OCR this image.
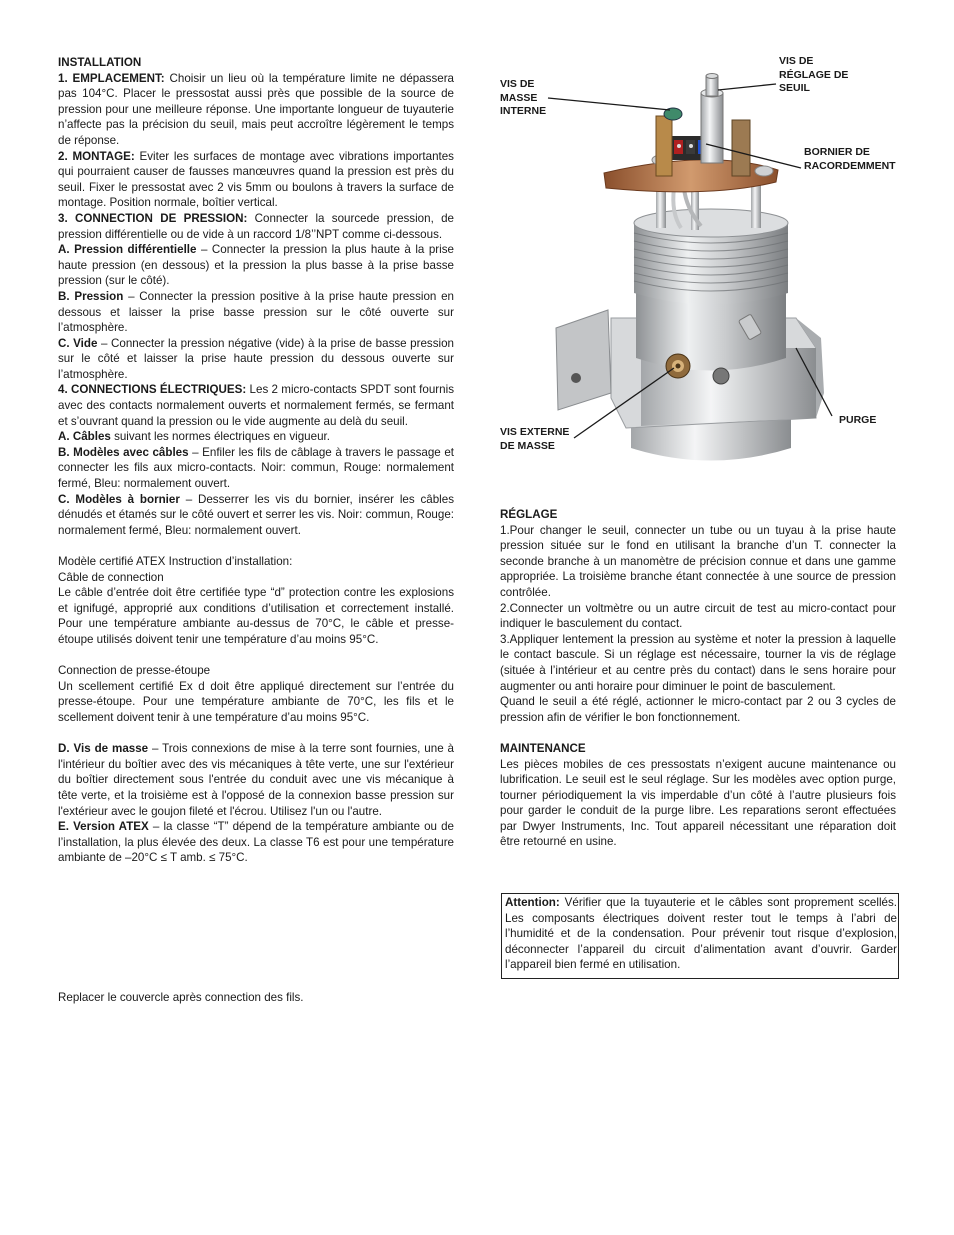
INSTALLATION

1. EMPLACEMENT: Choisir un lieu où la température limite ne dépassera pas 104°C. Placer le pressostat aussi près que possible de la source de pression pour une meilleure réponse. Une importante longueur de tuyauterie n’affecte pas la précision du seuil, mais peut accroître légèrement le temps de réponse.

2. MONTAGE: Eviter les surfaces de montage avec vibrations importantes qui pourraient causer de fausses manœuvres quand la pression est près du seuil. Fixer le pressostat avec 2 vis 5mm ou boulons à travers la surface de montage. Position normale, boîtier vertical.

3. CONNECTION DE PRESSION: Connecter la sourcede pression, de pression différentielle ou de vide à un raccord 1/8’’NPT comme ci-dessous.

A. Pression différentielle – Connecter la pression la plus haute à la prise haute pression (en dessous) et la pression la plus basse à la prise basse pression (sur le côté).

B. Pression – Connecter la pression positive à la prise haute pression en dessous et laisser la prise basse pression sur le côté ouverte sur l’atmosphère.

C. Vide – Connecter la pression négative (vide) à la prise de basse pression sur le côté et laisser la prise haute pression du dessous ouverte sur l’atmosphère.

4. CONNECTIONS ÉLECTRIQUES: Les 2 micro-contacts SPDT sont fournis avec des contacts normalement ouverts et normalement fermés, se fermant et s’ouvrant quand la pression ou le vide augmente au delà du seuil.

A. Câbles suivant les normes électriques en vigueur.

B. Modèles avec câbles – Enfiler les fils de câblage à travers le passage et connecter les fils aux micro-contacts. Noir: commun, Rouge: normalement fermé, Bleu: normalement ouvert.

C. Modèles à bornier – Desserrer les vis du bornier, insérer les câbles dénudés et étamés sur le côté ouvert et serrer les vis. Noir: commun, Rouge: normalement fermé, Bleu: normalement ouvert.

Modèle certifié ATEX Instruction d’installation:

Câble de connection

Le câble d’entrée doit être certifiée type “d” protection contre les explosions et ignifugé, approprié aux conditions d’utilisation et correctement installé. Pour une température ambiante au-dessus de 70°C, le câble et presse-étoupe utilisés doivent tenir une température d’au moins 95°C.

Connection de presse-étoupe

Un scellement certifié Ex d doit être appliqué directement sur l’entrée du presse-étoupe. Pour une température ambiante de 70°C, les fils et le scellement doivent tenir à une température d’au moins 95°C.

D. Vis de masse – Trois connexions de mise à la terre sont fournies, une à l'intérieur du boîtier avec des vis mécaniques à tête verte, une sur l'extérieur du boîtier directement sous l'entrée du conduit avec une vis mécanique à tête verte, et la troisième est à l'opposé de la connexion basse pression sur l'extérieur avec le goujon fileté et l'écrou. Utilisez l'un ou l'autre.

E. Version ATEX – la classe “T” dépend de la température ambiante ou de l’installation, la plus élevée des deux. La classe T6 est pour une température ambiante de –20°C ≤ T amb. ≤ 75°C.

Replacer le couvercle après connection des fils.
VIS DE
RÉGLAGE DE
SEUIL
VIS DE
MASSE
INTERNE
BORNIER DE
RACORDEMMENT
VIS EXTERNE
DE MASSE
PURGE

RÉGLAGE

1.Pour changer le seuil, connecter un tube ou un tuyau à la prise haute pression située sur le fond en utilisant la branche d’un T. connecter la seconde branche à un manomètre de précision connue et dans une gamme appropriée. La troisième branche étant connectée à une source de pression contrôlée.

2.Connecter un voltmètre ou un autre circuit de test au micro-contact pour indiquer le basculement du contact.

3.Appliquer lentement la pression au système et noter la pression à laquelle le contact bascule. Si un réglage est nécessaire, tourner la vis de réglage (située à l’intérieur et au centre près du contact) dans le sens horaire pour augmenter ou anti horaire pour diminuer le point de basculement.

Quand le seuil a été réglé, actionner le micro-contact par 2 ou 3 cycles de pression afin de vérifier le bon fonctionnement.

MAINTENANCE

Les pièces mobiles de ces pressostats n’exigent aucune maintenance ou lubrification. Le seuil est le seul réglage. Sur les modèles avec option purge, tourner périodiquement la vis imperdable d’un côté à l’autre plusieurs fois pour garder le conduit de la purge libre. Les reparations seront effectuées par Dwyer Instruments, Inc. Tout appareil nécessitant une réparation doit être retourné en usine.

Attention: Vérifier que la tuyauterie et le câbles sont proprement scellés. Les composants électriques doivent rester tout le temps à l’abri de l’humidité et de la condensation. Pour prévenir tout risque d’explosion, déconnecter l’appareil du circuit d’alimentation avant d’ouvrir. Garder l’appareil bien fermé en utilisation.
